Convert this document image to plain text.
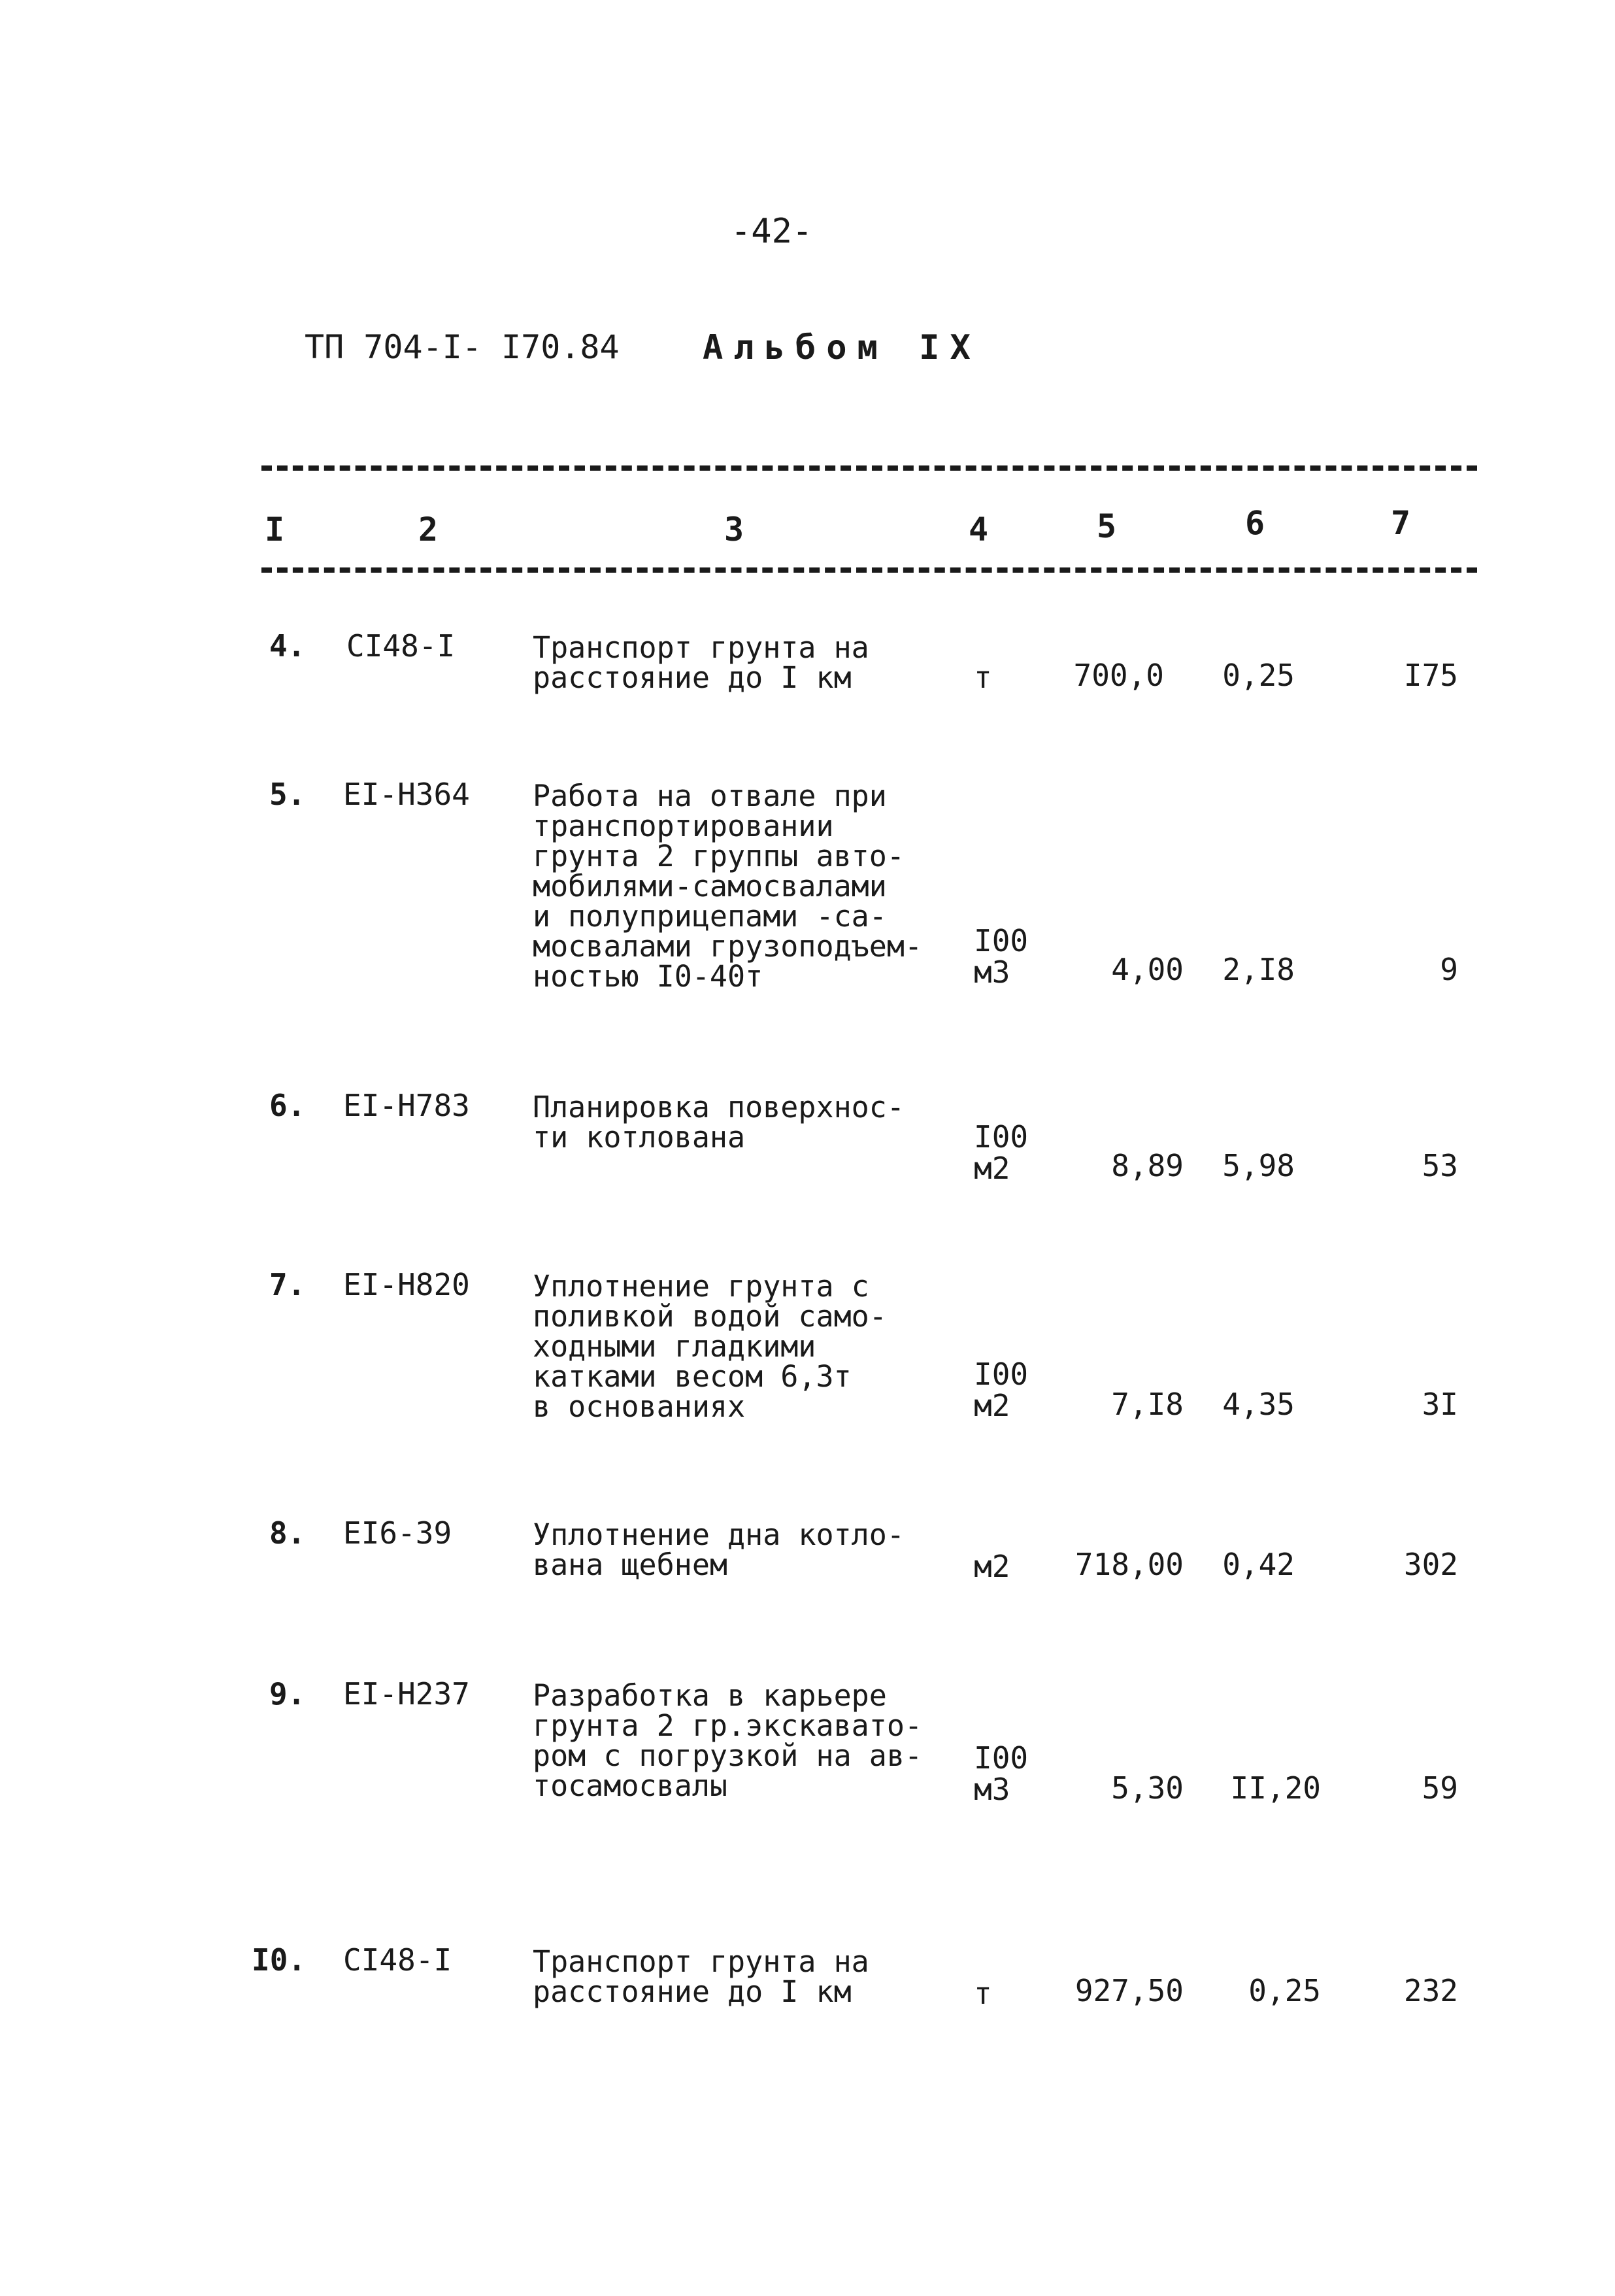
-42-
ТП 704-I- I70.84 Альбом IX
I	2	3	4	5	6	7
4. CI48-I	Транспорт грунта на
расстояние до I км	т	700,0 0,25	I75
5. EI-H364 Работа на отвале при
транспортировании
грунта 2 группы авто-
мобилями-самосвалами
и полуприцепами -са-
мосвалами грузоподъем-
ностью I0-40т
I00
м3	4,00 2,I8	9
6. EI-H783 Планировка поверхнос-
ти котлована	I00
м2	8,89 5,98	53
7. EI-H820 Уплотнение грунта с
поливкой водой само-
ходными гладкими
катками весом 6,3т
в основаниях
I00
м2	7,I8 4,35	3I
8. EI6-39	Уплотнение дна котло-
вана щебнем	м2 718,00 0,42	302
9. EI-H237 Разработка в карьере
грунта 2 гр.экскавато-
ром с погрузкой на ав-
тосамосвалы
I00
м3	5,30 II,20	59
I0. CI48-I	Транспорт грунта на
расстояние до I км	т	927,50 0,25	232
